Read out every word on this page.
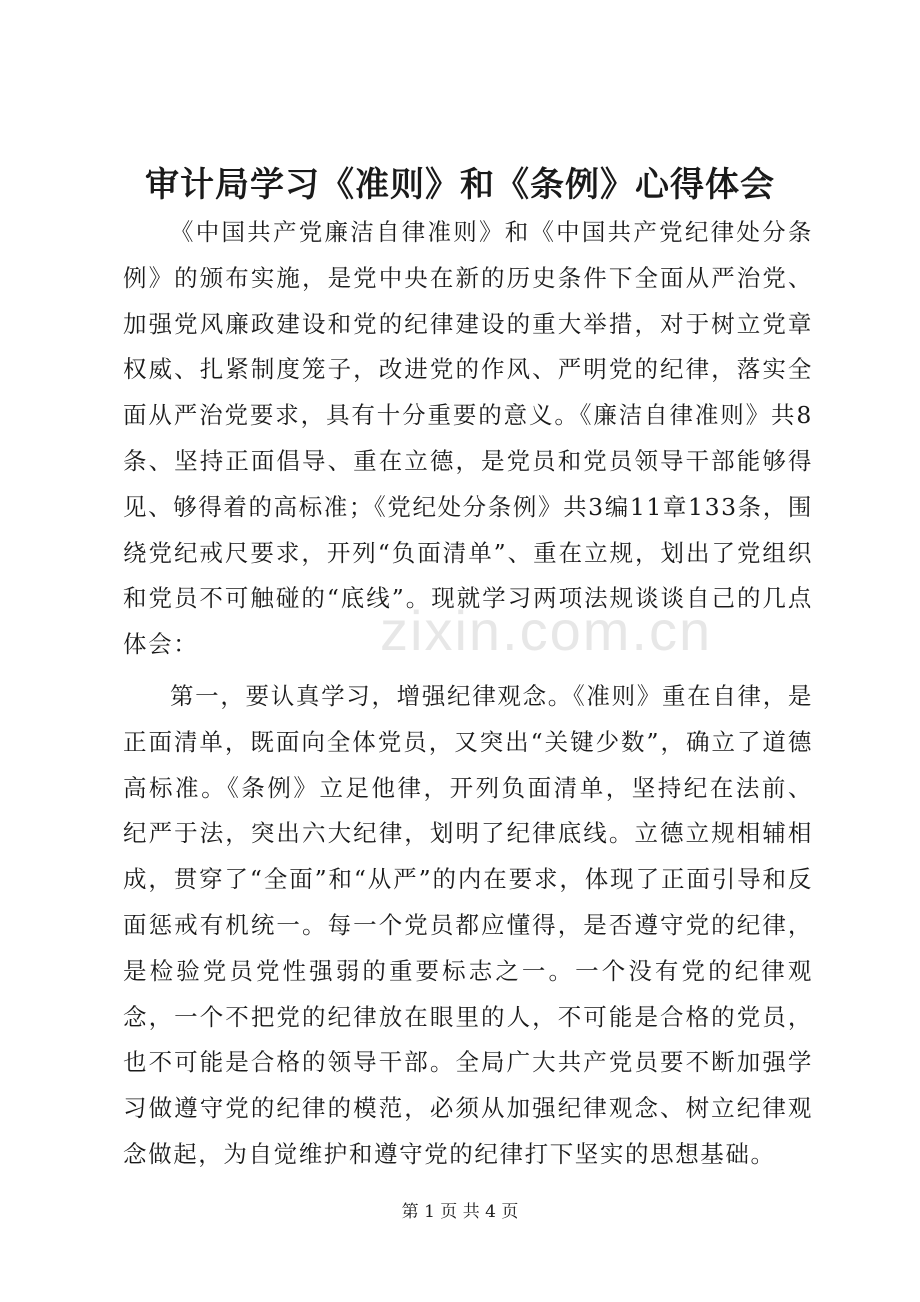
审计局学习《准则》和《条例》心得体会

《中国共产党廉洁自律准则》和《中国共产党纪律处分条例》的颁布实施，是党中央在新的历史条件下全面从严治党、加强党风廉政建设和党的纪律建设的重大举措，对于树立党章权威、扎紧制度笼子，改进党的作风、严明党的纪律，落实全面从严治党要求，具有十分重要的意义。《廉洁自律准则》共8条、坚持正面倡导、重在立德，是党员和党员领导干部能够得见、够得着的高标准；《党纪处分条例》共3编11章133条，围绕党纪戒尺要求，开列“负面清单”、重在立规，划出了党组织和党员不可触碰的“底线”。现就学习两项法规谈谈自己的几点体会：

第一，要认真学习，增强纪律观念。《准则》重在自律，是正面清单，既面向全体党员，又突出“关键少数”，确立了道德高标准。《条例》立足他律，开列负面清单，坚持纪在法前、纪严于法，突出六大纪律，划明了纪律底线。立德立规相辅相成，贯穿了“全面”和“从严”的内在要求，体现了正面引导和反面惩戒有机统一。每一个党员都应懂得，是否遵守党的纪律，是检验党员党性强弱的重要标志之一。一个没有党的纪律观念，一个不把党的纪律放在眼里的人，不可能是合格的党员，也不可能是合格的领导干部。全局广大共产党员要不断加强学习做遵守党的纪律的模范，必须从加强纪律观念、树立纪律观念做起，为自觉维护和遵守党的纪律打下坚实的思想基础。

zixin.com.cn
第 1 页 共 4 页
